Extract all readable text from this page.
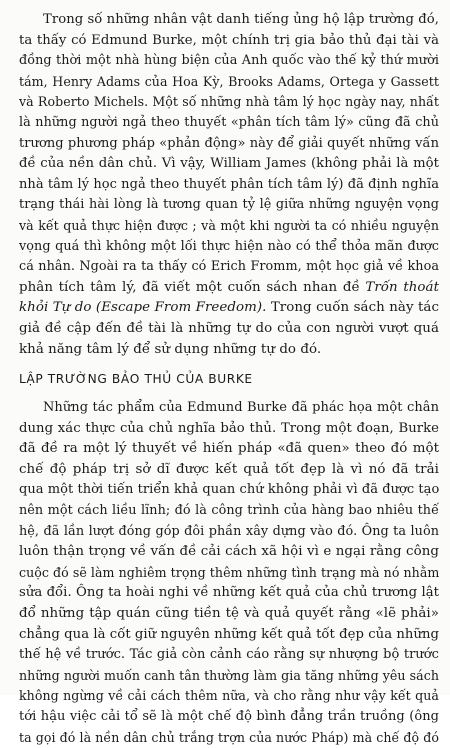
Trong số những nhân vật danh tiếng ủng hộ lập trường đó,
ta thấy có Edmund Burke, một chính trị gia bảo thủ đại tài và
đồng thời một nhà hùng biện của Anh quốc vào thế kỷ thứ mười
tám, Henry Adams của Hoa Kỳ, Brooks Adams, Ortega y Gassett
và Roberto Michels. Một số những nhà tâm lý học ngày nay, nhất
là những người ngả theo thuyết «phân tích tâm lý» cũng đã chủ
trương phương pháp «phản động» này để giải quyết những vấn
đề của nền dân chủ. Vì vậy, William James (không phải là một
nhà tâm lý học ngả theo thuyết phân tích tâm lý) đã định nghĩa
trạng thái hài lòng là tương quan tỷ lệ giữa những nguyện vọng
và kết quả thực hiện được ; và một khi người ta có nhiều nguyện
vọng quá thì không một lối thực hiện nào có thể thỏa mãn được
cá nhân. Ngoài ra ta thấy có Erich Fromm, một học giả về khoa
phân tích tâm lý, đã viết một cuốn sách nhan đề Trốn thoát
khỏi Tự do (Escape From Freedom). Trong cuốn sách này tác
giả đề cập đến đề tài là những tự do của con người vượt quá
khả năng tâm lý để sử dụng những tự do đó.
LẬP TRƯỜNG BẢO THỦ CỦA BURKE
Những tác phẩm của Edmund Burke đã phác họa một chân
dung xác thực của chủ nghĩa bảo thủ. Trong một đoạn, Burke
đã đề ra một lý thuyết về hiến pháp «đã quen» theo đó một
chế độ pháp trị sở dĩ được kết quả tốt đẹp là vì nó đã trải
qua một thời tiến triển khả quan chứ không phải vì đã được tạo
nên một cách liều lĩnh; đó là công trình của hàng bao nhiêu thế
hệ, đã lần lượt đóng góp đôi phần xây dựng vào đó. Ông ta luôn
luôn thận trọng về vấn đề cải cách xã hội vì e ngại rằng công
cuộc đó sẽ làm nghiêm trọng thêm những tình trạng mà nó nhằm
sửa đổi. Ông ta hoài nghi về những kết quả của chủ trương lật
đổ những tập quán cũng tiền tệ và quả quyết rằng «lẽ phải»
chẳng qua là cốt giữ nguyên những kết quả tốt đẹp của những
thế hệ về trước. Tác giả còn cảnh cáo rằng sự nhượng bộ trước
những người muốn canh tân thường làm gia tăng những yêu sách
không ngừng về cải cách thêm nữa, và cho rằng như vậy kết quả
tới hậu việc cải tổ sẽ là một chế độ bình đẳng trần truồng (ông
ta gọi đó là nền dân chủ trắng trợn của nước Pháp) mà chế độ đó
